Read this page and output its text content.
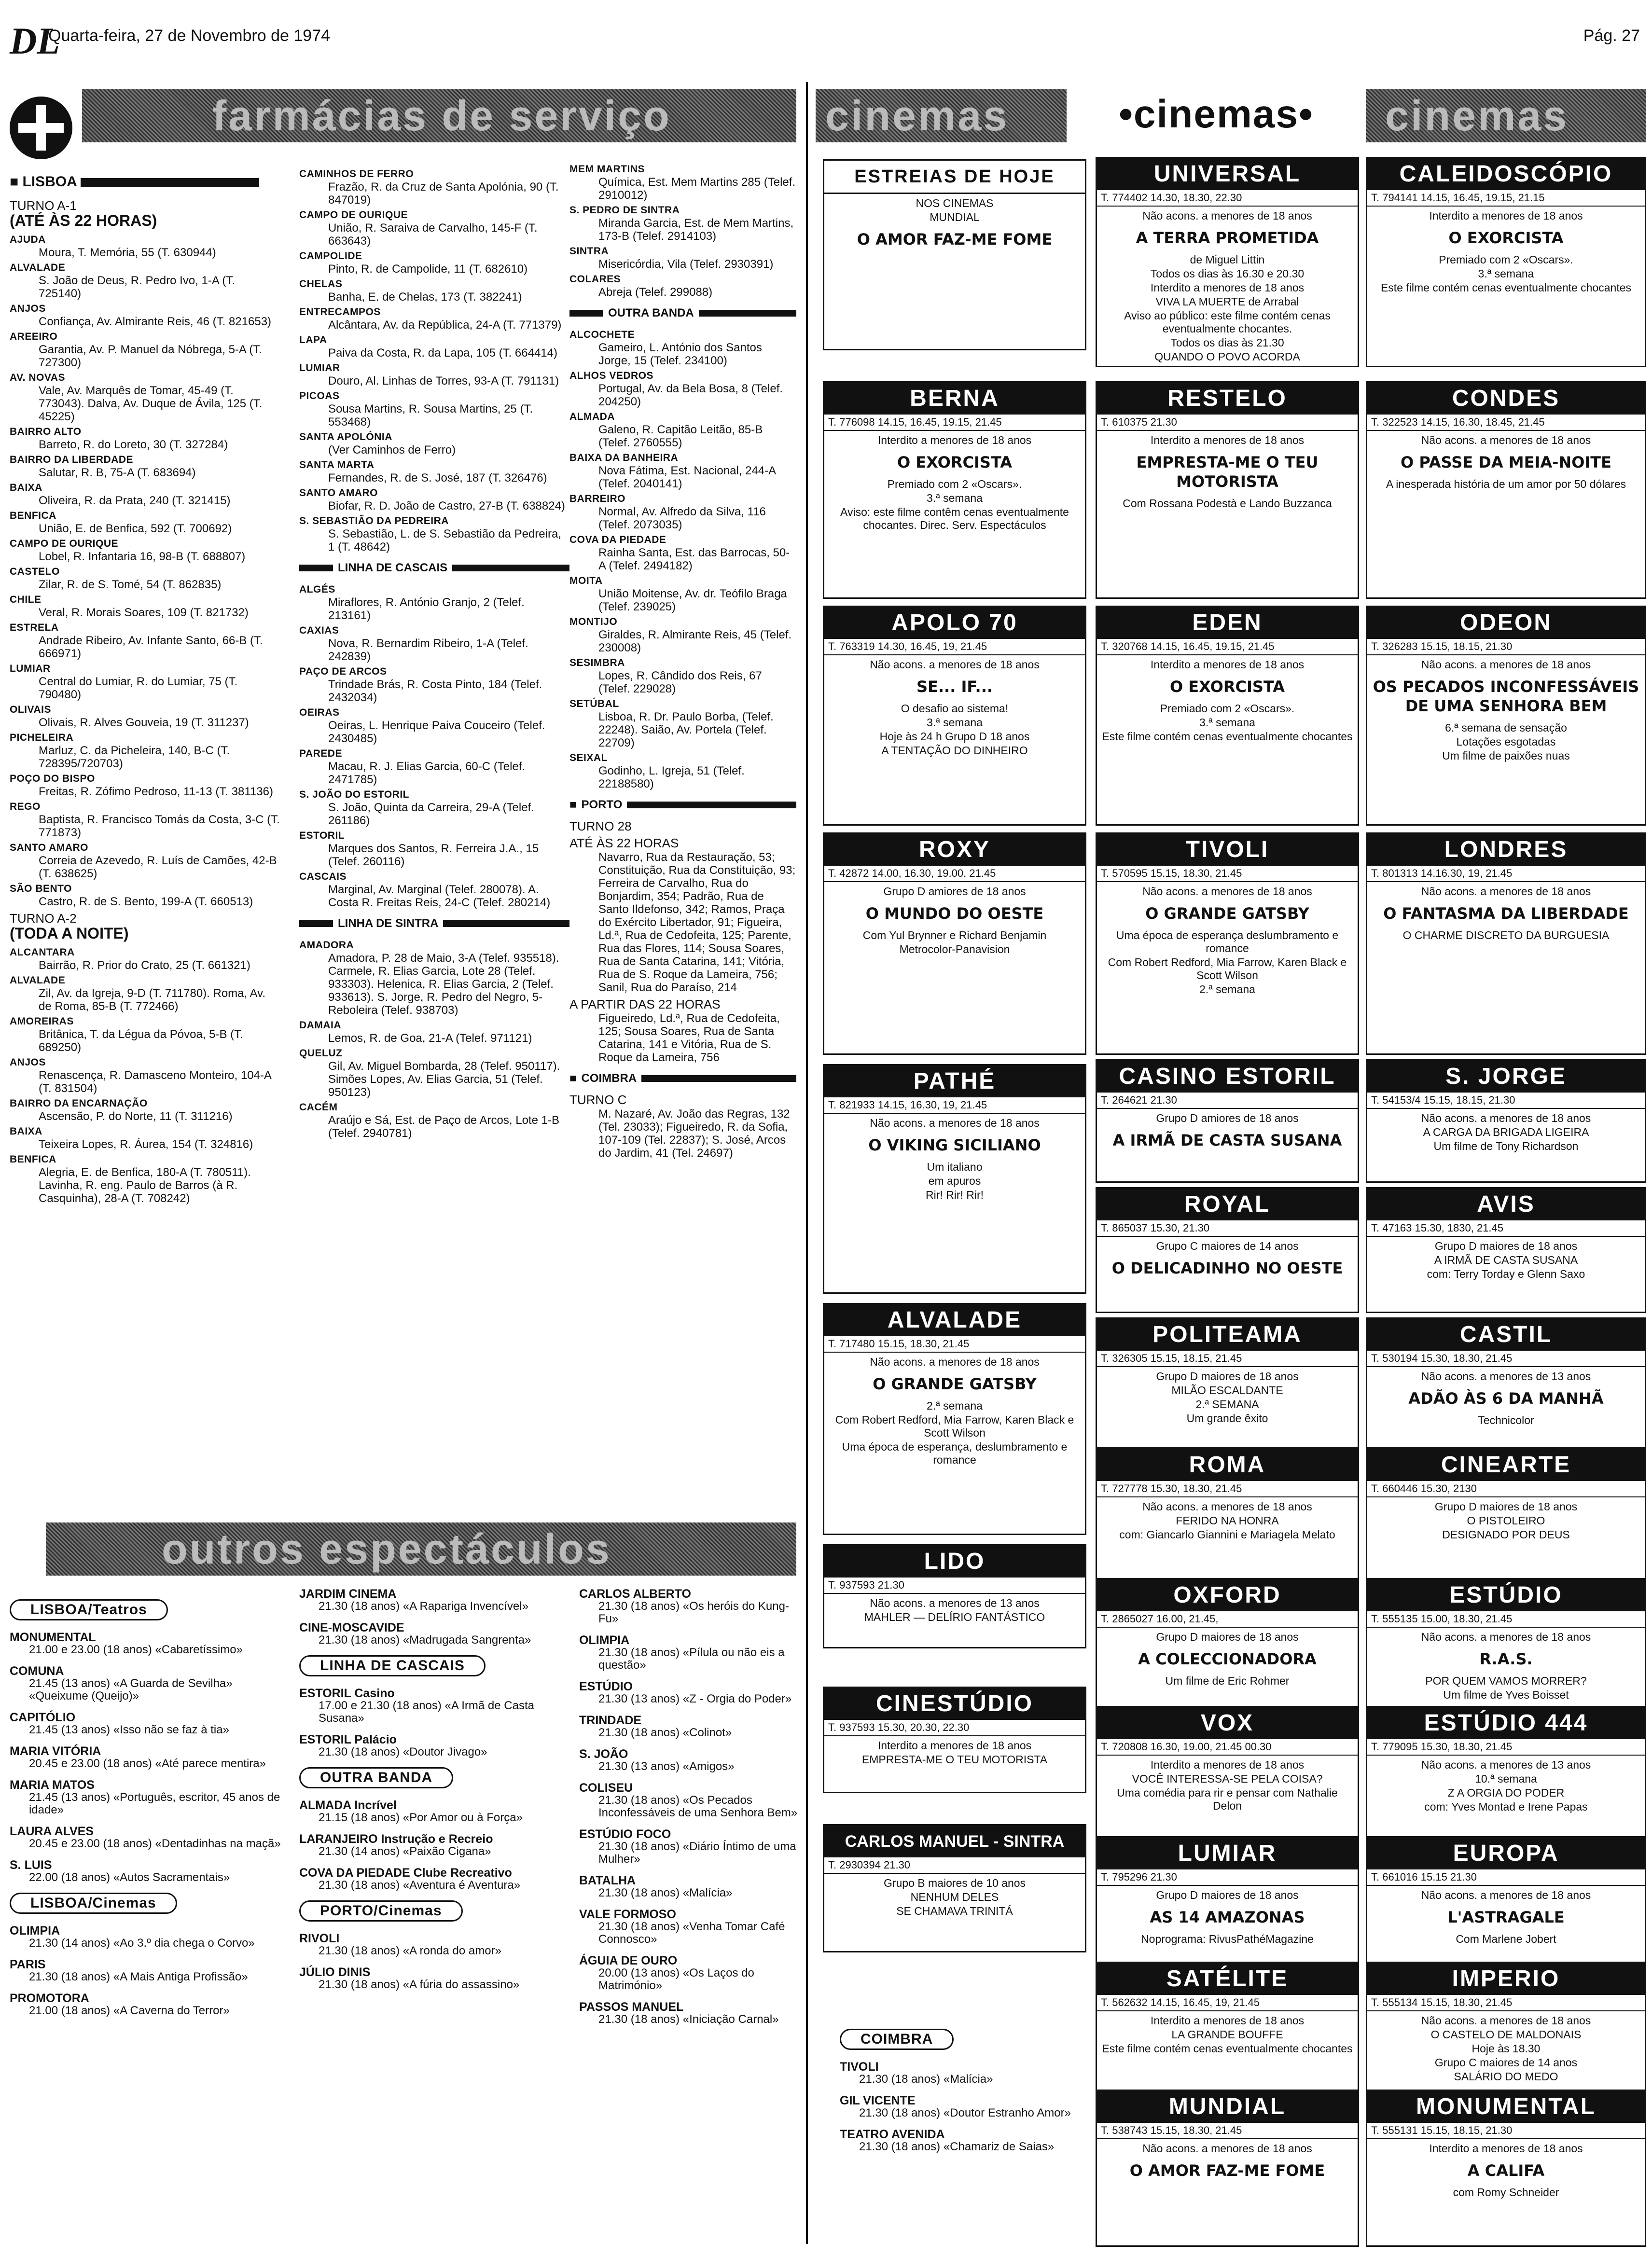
DL
Quarta-feira, 27 de Novembro de 1974	Pág. 27
farmácias de serviço
■ LISBOA
TURNO A-1
(ATÉ ÀS 22 HORAS)
AJUDA
Moura, T. Memória, 55 (T. 630944)
ALVALADE
S. João de Deus, R. Pedro Ivo, 1-A (T. 725140)
ANJOS
Confiança, Av. Almirante Reis, 46 (T. 821653)
AREEIRO
Garantia, Av. P. Manuel da Nóbrega, 5-A (T. 727300)
AV. NOVAS
Vale, Av. Marquês de Tomar, 45-49 (T. 773043). Dalva, Av. Duque de Ávila, 125 (T. 45225)
BAIRRO ALTO
Barreto, R. do Loreto, 30 (T. 327284)
BAIRRO DA LIBERDADE
Salutar, R. B, 75-A (T. 683694)
BAIXA
Oliveira, R. da Prata, 240 (T. 321415)
BENFICA
União, E. de Benfica, 592 (T. 700692)
CAMPO DE OURIQUE
Lobel, R. Infantaria 16, 98-B (T. 688807)
CASTELO
Zilar, R. de S. Tomé, 54 (T. 862835)
CHILE
Veral, R. Morais Soares, 109 (T. 821732)
ESTRELA
Andrade Ribeiro, Av. Infante Santo, 66-B (T. 666971)
LUMIAR
Central do Lumiar, R. do Lumiar, 75 (T. 790480)
OLIVAIS
Olivais, R. Alves Gouveia, 19 (T. 311237)
PICHELEIRA
Marluz, C. da Picheleira, 140, B-C (T. 728395/720703)
POÇO DO BISPO
Freitas, R. Zófimo Pedroso, 11-13 (T. 381136)
REGO
Baptista, R. Francisco Tomás da Costa, 3-C (T. 771873)
SANTO AMARO
Correia de Azevedo, R. Luís de Camões, 42-B (T. 638625)
SÃO BENTO
Castro, R. de S. Bento, 199-A (T. 660513)
TURNO A-2
(TODA A NOITE)
ALCANTARA
Bairrão, R. Prior do Crato, 25 (T. 661321)
ALVALADE
Zil, Av. da Igreja, 9-D (T. 711780). Roma, Av. de Roma, 85-B (T. 772466)
AMOREIRAS
Britânica, T. da Légua da Póvoa, 5-B (T. 689250)
ANJOS
Renascença, R. Damasceno Monteiro, 104-A (T. 831504)
BAIRRO DA ENCARNAÇÃO
Ascensão, P. do Norte, 11 (T. 311216)
BAIXA
Teixeira Lopes, R. Áurea, 154 (T. 324816)
BENFICA
Alegria, E. de Benfica, 180-A (T. 780511). Lavinha, R. eng. Paulo de Barros (à R. Casquinha), 28-A (T. 708242)
CAMINHOS DE FERRO
Frazão, R. da Cruz de Santa Apolónia, 90 (T. 847019)
CAMPO DE OURIQUE
União, R. Saraiva de Carvalho, 145-F (T. 663643)
CAMPOLIDE
Pinto, R. de Campolide, 11 (T. 682610)
CHELAS
Banha, E. de Chelas, 173 (T. 382241)
ENTRECAMPOS
Alcântara, Av. da República, 24-A (T. 771379)
LAPA
Paiva da Costa, R. da Lapa, 105 (T. 664414)
LUMIAR
Douro, Al. Linhas de Torres, 93-A (T. 791131)
PICOAS
Sousa Martins, R. Sousa Martins, 25 (T. 553468)
SANTA APOLÓNIA
(Ver Caminhos de Ferro)
SANTA MARTA
Fernandes, R. de S. José, 187 (T. 326476)
SANTO AMARO
Biofar, R. D. João de Castro, 27-B (T. 638824)
S. SEBASTIÃO DA PEDREIRA
S. Sebastião, L. de S. Sebastião da Pedreira, 1 (T. 48642)
LINHA DE CASCAIS
ALGÉS
Miraflores, R. António Granjo, 2 (Telef. 213161)
CAXIAS
Nova, R. Bernardim Ribeiro, 1-A (Telef. 242839)
PAÇO DE ARCOS
Trindade Brás, R. Costa Pinto, 184 (Telef. 2432034)
OEIRAS
Oeiras, L. Henrique Paiva Couceiro (Telef. 2430485)
PAREDE
Macau, R. J. Elias Garcia, 60-C (Telef. 2471785)
S. JOÃO DO ESTORIL
S. João, Quinta da Carreira, 29-A (Telef. 261186)
ESTORIL
Marques dos Santos, R. Ferreira J.A., 15 (Telef. 260116)
CASCAIS
Marginal, Av. Marginal (Telef. 280078). A. Costa R. Freitas Reis, 24-C (Telef. 280214)
LINHA DE SINTRA
AMADORA
Amadora, P. 28 de Maio, 3-A (Telef. 935518). Carmele, R. Elias Garcia, Lote 28 (Telef. 933303). Helenica, R. Elias Garcia, 2 (Telef. 933613). S. Jorge, R. Pedro del Negro, 5-Reboleira (Telef. 938703)
DAMAIA
Lemos, R. de Goa, 21-A (Telef. 971121)
QUELUZ
Gil, Av. Miguel Bombarda, 28 (Telef. 950117). Simões Lopes, Av. Elias Garcia, 51 (Telef. 950123)
CACÉM
Araújo e Sá, Est. de Paço de Arcos, Lote 1-B (Telef. 2940781)
MEM MARTINS
Química, Est. Mem Martins 285 (Telef. 2910012)
S. PEDRO DE SINTRA
Miranda Garcia, Est. de Mem Martins, 173-B (Telef. 2914103)
SINTRA
Misericórdia, Vila (Telef. 2930391)
COLARES
Abreja (Telef. 299088)
OUTRA BANDA
ALCOCHETE
Gameiro, L. António dos Santos Jorge, 15 (Telef. 234100)
ALHOS VEDROS
Portugal, Av. da Bela Bosa, 8 (Telef. 204250)
ALMADA
Galeno, R. Capitão Leitão, 85-B (Telef. 2760555)
BAIXA DA BANHEIRA
Nova Fátima, Est. Nacional, 244-A (Telef. 2040141)
BARREIRO
Normal, Av. Alfredo da Silva, 116 (Telef. 2073035)
COVA DA PIEDADE
Rainha Santa, Est. das Barrocas, 50-A (Telef. 2494182)
MOITA
União Moitense, Av. dr. Teófilo Braga (Telef. 239025)
MONTIJO
Giraldes, R. Almirante Reis, 45 (Telef. 230008)
SESIMBRA
Lopes, R. Cândido dos Reis, 67 (Telef. 229028)
SETÚBAL
Lisboa, R. Dr. Paulo Borba, (Telef. 22248). Saião, Av. Portela (Telef. 22709)
SEIXAL
Godinho, L. Igreja, 51 (Telef. 22188580)
■ PORTO
TURNO 28
ATÉ ÀS 22 HORAS
Navarro, Rua da Restauração, 53; Constituição, Rua da Constituição, 93; Ferreira de Carvalho, Rua do Bonjardim, 354; Padrão, Rua de Santo Ildefonso, 342; Ramos, Praça do Exército Libertador, 91; Figueira, Ld.ª, Rua de Cedofeita, 125; Parente, Rua das Flores, 114; Sousa Soares, Rua de Santa Catarina, 141; Vitória, Rua de S. Roque da Lameira, 756; Sanil, Rua do Paraíso, 214
A PARTIR DAS 22 HORAS
Figueiredo, Ld.ª, Rua de Cedofeita, 125; Sousa Soares, Rua de Santa Catarina, 141 e Vitória, Rua de S. Roque da Lameira, 756
■ COIMBRA
TURNO C
M. Nazaré, Av. João das Regras, 132 (Tel. 23033); Figueiredo, R. da Sofia, 107-109 (Tel. 22837); S. José, Arcos do Jardim, 41 (Tel. 24697)
outros espectáculos
LISBOA/Teatros
MONUMENTAL
21.00 e 23.00 (18 anos) «Cabaretíssimo»
COMUNA
21.45 (13 anos) «A Guarda de Sevilha» «Queixume (Queijo)»
CAPITÓLIO
21.45 (13 anos) «Isso não se faz à tia»
MARIA VITÓRIA
20.45 e 23.00 (18 anos) «Até parece mentira»
MARIA MATOS
21.45 (13 anos) «Português, escritor, 45 anos de idade»
LAURA ALVES
20.45 e 23.00 (18 anos) «Dentadinhas na maçã»
S. LUIS
22.00 (18 anos) «Autos Sacramentais»
LISBOA/Cinemas
OLIMPIA
21.30 (14 anos) «Ao 3.º dia chega o Corvo»
PARIS
21.30 (18 anos) «A Mais Antiga Profissão»
PROMOTORA
21.00 (18 anos) «A Caverna do Terror»
JARDIM CINEMA
21.30 (18 anos) «A Rapariga Invencível»
CINE-MOSCAVIDE
21.30 (18 anos) «Madrugada Sangrenta»
LINHA DE CASCAIS
ESTORIL Casino
17.00 e 21.30 (18 anos) «A Irmã de Casta Susana»
ESTORIL Palácio
21.30 (18 anos) «Doutor Jivago»
OUTRA BANDA
ALMADA Incrível
21.15 (18 anos) «Por Amor ou à Força»
LARANJEIRO Instrução e Recreio
21.30 (14 anos) «Paixão Cigana»
COVA DA PIEDADE Clube Recreativo
21.30 (18 anos) «Aventura é Aventura»
PORTO/Cinemas
RIVOLI
21.30 (18 anos) «A ronda do amor»
JÚLIO DINIS
21.30 (18 anos) «A fúria do assassino»
CARLOS ALBERTO
21.30 (18 anos) «Os heróis do Kung-Fu»
OLIMPIA
21.30 (18 anos) «Pílula ou não eis a questão»
ESTÚDIO
21.30 (13 anos) «Z - Orgia do Poder»
TRINDADE
21.30 (18 anos) «Colinot»
S. JOÃO
21.30 (13 anos) «Amigos»
COLISEU
21.30 (18 anos) «Os Pecados Inconfessáveis de uma Senhora Bem»
ESTÚDIO FOCO
21.30 (18 anos) «Diário Íntimo de uma Mulher»
BATALHA
21.30 (18 anos) «Malícia»
VALE FORMOSO
21.30 (18 anos) «Venha Tomar Café Connosco»
ÁGUIA DE OURO
20.00 (13 anos) «Os Laços do Matrimónio»
PASSOS MANUEL
21.30 (18 anos) «Iniciação Carnal»
cinemas	•cinemas•	cinemas
ESTREIAS DE HOJE
NOS CINEMAS
MUNDIAL
O AMOR FAZ-ME FOME
UNIVERSAL
T. 774402 14.30, 18.30, 22.30
Não acons. a menores de 18 anos
A TERRA PROMETIDA
de Miguel Littin
Todos os dias às 16.30 e 20.30
Interdito a menores de 18 anos
VIVA LA MUERTE de Arrabal
Aviso ao público: este filme contém cenas eventualmente chocantes.
Todos os dias às 21.30
QUANDO O POVO ACORDA
CALEIDOSCÓPIO
T. 794141 14.15, 16.45, 19.15, 21.15
Interdito a menores de 18 anos
O EXORCISTA
Premiado com 2 «Oscars».
3.ª semana
Este filme contém cenas eventualmente chocantes
BERNA
T. 776098 14.15, 16.45, 19.15, 21.45
Interdito a menores de 18 anos
O EXORCISTA
Premiado com 2 «Oscars».
3.ª semana
Aviso: este filme contêm cenas eventualmente chocantes. Direc. Serv. Espectáculos
RESTELO
T. 610375 21.30
Interdito a menores de 18 anos
EMPRESTA-ME O TEU MOTORISTA
Com Rossana Podestà e Lando Buzzanca
CONDES
T. 322523 14.15, 16.30, 18.45, 21.45
Não acons. a menores de 18 anos
O PASSE DA MEIA-NOITE
A inesperada história de um amor por 50 dólares
APOLO 70
T. 763319 14.30, 16.45, 19, 21.45
Não acons. a menores de 18 anos
SE... IF...
O desafio ao sistema!
3.ª semana
Hoje às 24 h Grupo D 18 anos
A TENTAÇÃO DO DINHEIRO
EDEN
T. 320768 14.15, 16.45, 19.15, 21.45
Interdito a menores de 18 anos
O EXORCISTA
Premiado com 2 «Oscars».
3.ª semana
Este filme contém cenas eventualmente chocantes
ODEON
T. 326283 15.15, 18.15, 21.30
Não acons. a menores de 18 anos
OS PECADOS INCONFESSÁVEIS DE UMA SENHORA BEM
6.ª semana de sensação
Lotações esgotadas
Um filme de paixões nuas
ROXY
T. 42872 14.00, 16.30, 19.00, 21.45
Grupo D amiores de 18 anos
O MUNDO DO OESTE
Com Yul Brynner e Richard Benjamin
Metrocolor-Panavision
TIVOLI
T. 570595 15.15, 18.30, 21.45
Não acons. a menores de 18 anos
O GRANDE GATSBY
Uma época de esperança deslumbramento e romance
Com Robert Redford, Mia Farrow, Karen Black e Scott Wilson
2.ª semana
LONDRES
T. 801313 14.16.30, 19, 21.45
Não acons. a menores de 18 anos
O FANTASMA DA LIBERDADE
O CHARME DISCRETO DA BURGUESIA
PATHÉ
T. 821933 14.15, 16.30, 19, 21.45
Não acons. a menores de 18 anos
O VIKING SICILIANO
Um italiano
em apuros
Rir! Rir! Rir!
CASINO ESTORIL
T. 264621 21.30
Grupo D amiores de 18 anos
A IRMÃ DE CASTA SUSANA
S. JORGE
T. 54153/4 15.15, 18.15, 21.30
Não acons. a menores de 18 anos
A CARGA DA BRIGADA LIGEIRA
Um filme de Tony Richardson
ROYAL
T. 865037 15.30, 21.30
Grupo C maiores de 14 anos
O DELICADINHO NO OESTE
AVIS
T. 47163 15.30, 1830, 21.45
Grupo D maiores de 18 anos
A IRMÃ DE CASTA SUSANA
com: Terry Torday e Glenn Saxo
ALVALADE
T. 717480 15.15, 18.30, 21.45
Não acons. a menores de 18 anos
O GRANDE GATSBY
2.ª semana
Com Robert Redford, Mia Farrow, Karen Black e Scott Wilson
Uma época de esperança, deslumbramento e romance
POLITEAMA
T. 326305 15.15, 18.15, 21.45
Grupo D maiores de 18 anos
MILÃO ESCALDANTE
2.ª SEMANA
Um grande êxito
CASTIL
T. 530194 15.30, 18.30, 21.45
Não acons. a menores de 13 anos
ADÃO ÀS 6 DA MANHÃ
Technicolor
ROMA
T. 727778 15.30, 18.30, 21.45
Não acons. a menores de 18 anos
FERIDO NA HONRA
com: Giancarlo Giannini e Mariagela Melato
CINEARTE
T. 660446 15.30, 2130
Grupo D maiores de 18 anos
O PISTOLEIRO
DESIGNADO POR DEUS
LIDO
T. 937593 21.30
Não acons. a menores de 13 anos
MAHLER — DELÍRIO FANTÁSTICO
OXFORD
T. 2865027 16.00, 21.45,
Grupo D maiores de 18 anos
A COLECCIONADORA
Um filme de Eric Rohmer
ESTÚDIO
T. 555135 15.00, 18.30, 21.45
Não acons. a menores de 18 anos
R.A.S.
POR QUEM VAMOS MORRER?
Um filme de Yves Boisset
CINESTÚDIO
T. 937593 15.30, 20.30, 22.30
Interdito a menores de 18 anos
EMPRESTA-ME O TEU MOTORISTA
VOX
T. 720808 16.30, 19.00, 21.45 00.30
Interdito a menores de 18 anos
VOCÊ INTERESSA-SE PELA COISA?
Uma comédia para rir e pensar com Nathalie Delon
ESTÚDIO 444
T. 779095 15.30, 18.30, 21.45
Não acons. a menores de 13 anos
10.ª semana
Z A ORGIA DO PODER
com: Yves Montad e Irene Papas
CARLOS MANUEL - SINTRA
T. 2930394 21.30
Grupo B maiores de 10 anos
NENHUM DELES
SE CHAMAVA TRINITÁ
LUMIAR
T. 795296 21.30
Grupo D maiores de 18 anos
AS 14 AMAZONAS
Noprograma: RivusPathéMagazine
EUROPA
T. 661016 15.15 21.30
Não acons. a menores de 18 anos
L'ASTRAGALE
Com Marlene Jobert
SATÉLITE
T. 562632 14.15, 16.45, 19, 21.45
Interdito a menores de 18 anos
LA GRANDE BOUFFE
Este filme contém cenas eventualmente chocantes
IMPERIO
T. 555134 15.15, 18.30, 21.45
Não acons. a menores de 18 anos
O CASTELO DE MALDONAIS
Hoje às 18.30
Grupo C maiores de 14 anos
SALÁRIO DO MEDO
MUNDIAL
T. 538743 15.15, 18.30, 21.45
Não acons. a menores de 18 anos
O AMOR FAZ-ME FOME
MONUMENTAL
T. 555131 15.15, 18.15, 21.30
Interdito a menores de 18 anos
A CALIFA
com Romy Schneider
COIMBRA
TIVOLI
21.30 (18 anos) «Malícia»
GIL VICENTE
21.30 (18 anos) «Doutor Estranho Amor»
TEATRO AVENIDA
21.30 (18 anos) «Chamariz de Saias»
